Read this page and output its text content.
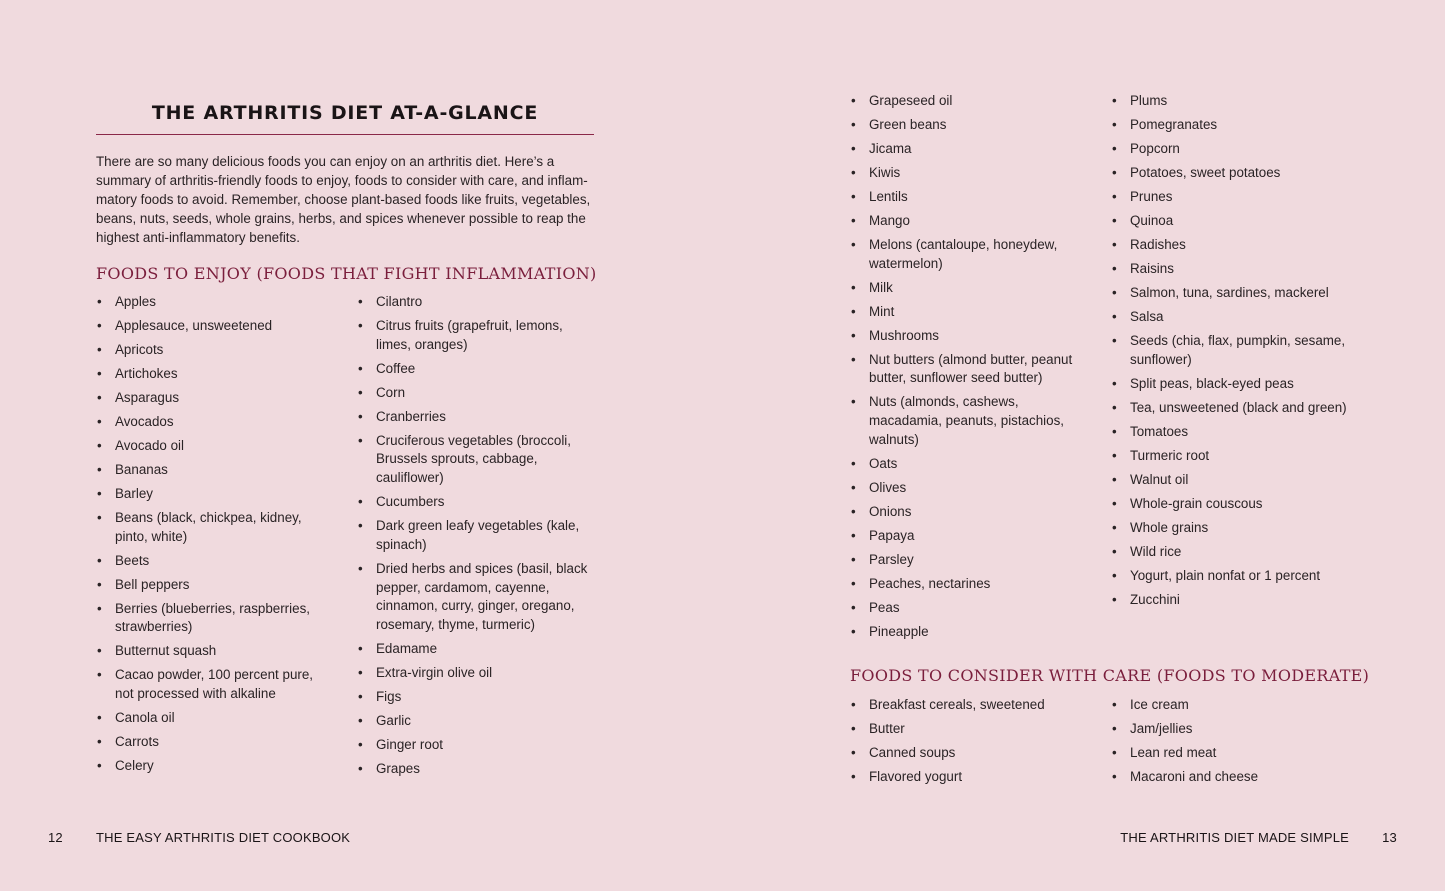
THE ARTHRITIS DIET AT-A-GLANCE

There are so many delicious foods you can enjoy on an arthritis diet. Here’s a summary of arthritis-friendly foods to enjoy, foods to consider with care, and inflam-matory foods to avoid. Remember, choose plant-based foods like fruits, vegetables, beans, nuts, seeds, whole grains, herbs, and spices whenever possible to reap the highest anti-inflammatory benefits.

FOODS TO ENJOY (FOODS THAT FIGHT INFLAMMATION)
• Apples
• Applesauce, unsweetened
• Apricots
• Artichokes
• Asparagus
• Avocados
• Avocado oil
• Bananas
• Barley
• Beans (black, chickpea, kidney, pinto, white)
• Beets
• Bell peppers
• Berries (blueberries, raspberries, strawberries)
• Butternut squash
• Cacao powder, 100 percent pure, not processed with alkaline
• Canola oil
• Carrots
• Celery
• Cilantro
• Citrus fruits (grapefruit, lemons, limes, oranges)
• Coffee
• Corn
• Cranberries
• Cruciferous vegetables (broccoli, Brussels sprouts, cabbage, cauliflower)
• Cucumbers
• Dark green leafy vegetables (kale, spinach)
• Dried herbs and spices (basil, black pepper, cardamom, cayenne, cinnamon, curry, ginger, oregano, rosemary, thyme, turmeric)
• Edamame
• Extra-virgin olive oil
• Figs
• Garlic
• Ginger root
• Grapes

12	THE EASY ARTHRITIS DIET COOKBOOK

• Grapeseed oil
• Green beans
• Jicama
• Kiwis
• Lentils
• Mango
• Melons (cantaloupe, honeydew, watermelon)
• Milk
• Mint
• Mushrooms
• Nut butters (almond butter, peanut butter, sunflower seed butter)
• Nuts (almonds, cashews, macadamia, peanuts, pistachios, walnuts)
• Oats
• Olives
• Onions
• Papaya
• Parsley
• Peaches, nectarines
• Peas
• Pineapple
• Plums
• Pomegranates
• Popcorn
• Potatoes, sweet potatoes
• Prunes
• Quinoa
• Radishes
• Raisins
• Salmon, tuna, sardines, mackerel
• Salsa
• Seeds (chia, flax, pumpkin, sesame, sunflower)
• Split peas, black-eyed peas
• Tea, unsweetened (black and green)
• Tomatoes
• Turmeric root
• Walnut oil
• Whole-grain couscous
• Whole grains
• Wild rice
• Yogurt, plain nonfat or 1 percent
• Zucchini
FOODS TO CONSIDER WITH CARE (FOODS TO MODERATE)
• Breakfast cereals, sweetened
• Butter
• Canned soups
• Flavored yogurt
• Ice cream
• Jam/jellies
• Lean red meat
• Macaroni and cheese

THE ARTHRITIS DIET MADE SIMPLE	13
